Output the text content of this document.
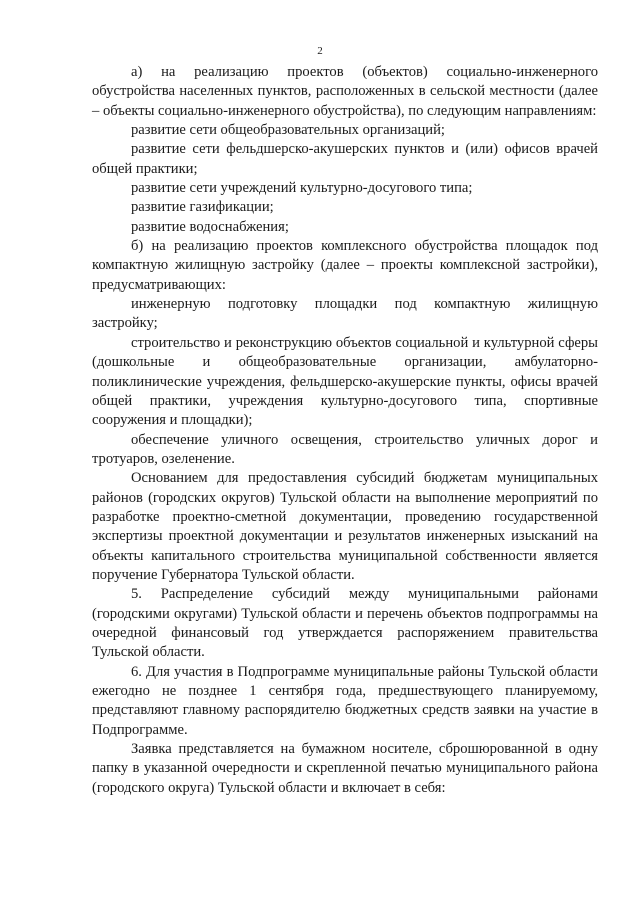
2

а) на реализацию проектов (объектов) социально-инженерного обустройства населенных пунктов, расположенных в сельской местности (далее – объекты социально-инженерного обустройства), по следующим направлениям:

развитие сети общеобразовательных организаций;

развитие сети фельдшерско-акушерских пунктов и (или) офисов врачей общей практики;

развитие сети учреждений культурно-досугового типа;

развитие газификации;

развитие водоснабжения;

б) на реализацию проектов комплексного обустройства площадок под компактную жилищную застройку (далее – проекты комплексной застройки), предусматривающих:

инженерную подготовку площадки под компактную жилищную застройку;

строительство и реконструкцию объектов социальной и культурной сферы (дошкольные и общеобразовательные организации, амбулаторно-поликлинические учреждения, фельдшерско-акушерские пункты, офисы врачей общей практики, учреждения культурно-досугового типа, спортивные сооружения и площадки);

обеспечение уличного освещения, строительство уличных дорог и тротуаров, озеленение.

Основанием для предоставления субсидий бюджетам муниципальных районов (городских округов) Тульской области на выполнение мероприятий по разработке проектно-сметной документации, проведению государственной экспертизы проектной документации и результатов инженерных изысканий на объекты капитального строительства муниципальной собственности является поручение Губернатора Тульской области.

5. Распределение субсидий между муниципальными районами (городскими округами) Тульской области и перечень объектов подпрограммы на очередной финансовый год утверждается распоряжением правительства Тульской области.

6. Для участия в Подпрограмме муниципальные районы Тульской области ежегодно не позднее 1 сентября года, предшествующего планируемому, представляют главному распорядителю бюджетных средств заявки на участие в Подпрограмме.

Заявка представляется на бумажном носителе, сброшюрованной в одну папку в указанной очередности и скрепленной печатью муниципального района (городского округа) Тульской области и включает в себя:
